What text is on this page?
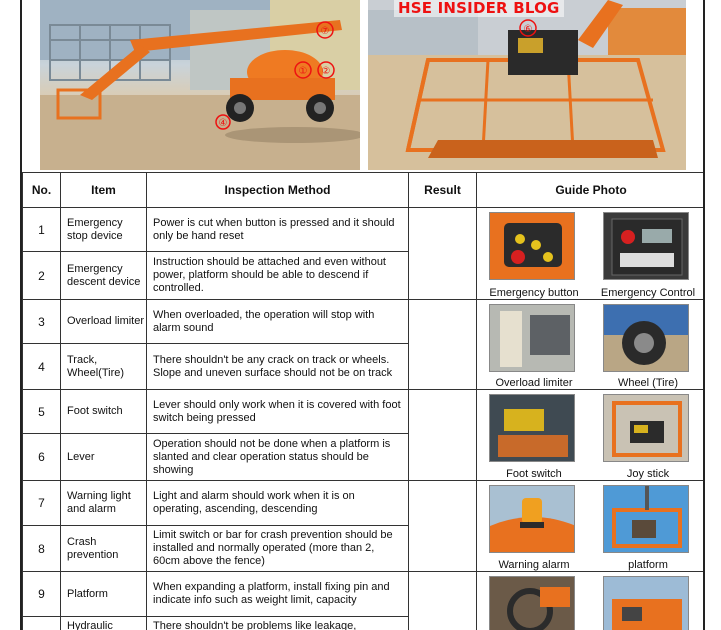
⑦
① ②
④
⑥
HSE INSIDER BLOG
No.	Item	Inspection Method	Result	Guide Photo
1	Emergency stop device	Power is cut when button is pressed and it should only be hand reset		Emergency button Emergency Control

2	Emergency descent device	Instruction should be attached and even without power, platform should be able to descend if controlled.		
3	Overload limiter	When overloaded, the operation will stop with alarm sound		Overload limiter Wheel (Tire)

4	Track, Wheel(Tire)	There shouldn't be any crack on track or wheels. Slope and uneven surface should not be on track		
5	Foot switch	Lever should only work when it is covered with foot switch being pressed		Foot switch Joy stick

6	Lever	Operation should not be done when a platform is slanted and clear operation status should be showing		
7	Warning light and alarm	Light and alarm should work when it is on operating, ascending, descending		Warning alarm platform

8	Crash prevention	Limit switch or bar for crash prevention should be installed and normally operated (more than 2, 60cm above the fence)		
9	Platform	When expanding a platform, install fixing pin and indicate info such as weight limit, capacity		

	Hydraulic	There shouldn't be problems like leakage,		
